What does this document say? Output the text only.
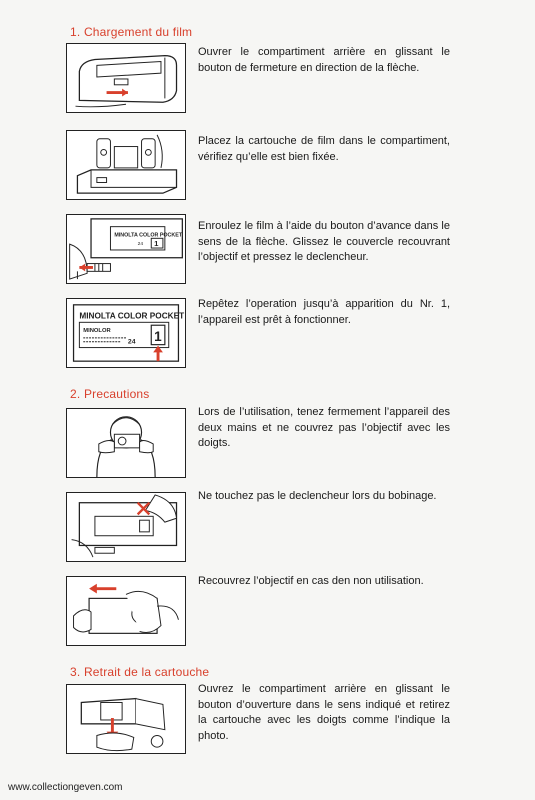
1. Chargement du film
Ouvrer le compartiment arrière en glissant le bouton de fermeture en direction de la flèche.
Placez la cartouche de film dans le compartiment, vérifiez qu’elle est bien fixée.
MINOLTA COLOR POCKET
24 1
Enroulez le film à l’aide du bouton d’avance dans le sens de la flèche. Glissez le couvercle recouvrant l’objectif et pressez le declencheur.
MINOLTA COLOR POCKET
MINOLOR
24 1
Repêtez l’operation jusqu’à apparition du Nr. 1, l’appareil est prêt à fonctionner.
2. Precautions
Lors de l’utilisation, tenez fermement l’appareil des deux mains et ne couvrez pas l’objectif avec les doigts.
Ne touchez pas le declencheur lors du bobinage.
Recouvrez l’objectif en cas den non utilisation.
3. Retrait de la cartouche
Ouvrez le compartiment arrière en glissant le bouton d’ouverture dans le sens indiqué et retirez la cartouche avec les doigts comme l’indique la photo.
www.collectiongeven.com
